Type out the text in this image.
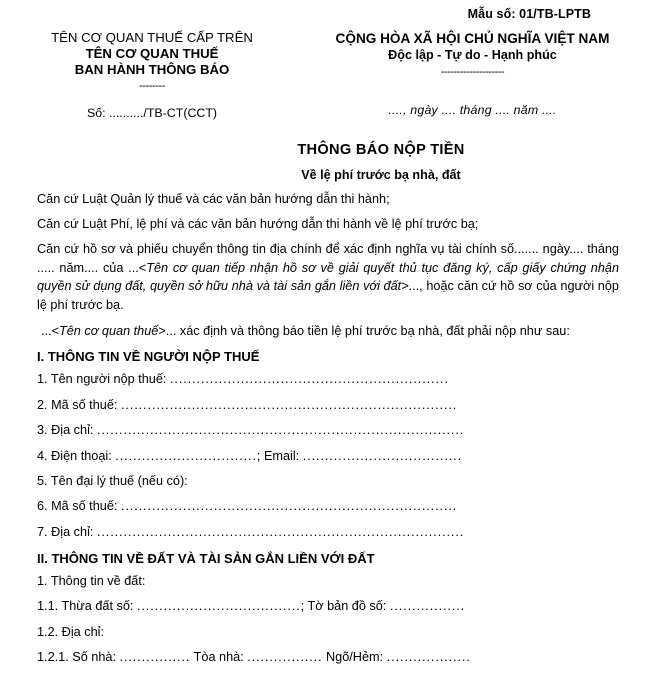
Mẫu số: 01/TB-LPTB
TÊN CƠ QUAN THUẾ CẤP TRÊN
TÊN CƠ QUAN THUẾ
BAN HÀNH THÔNG BÁO
--------
Số: ........../TB-CT(CCT)
CỘNG HÒA XÃ HỘI CHỦ NGHĨA VIỆT NAM
Độc lập - Tự do - Hạnh phúc
--------------------
...., ngày .... tháng .... năm ....
THÔNG BÁO NỘP TIỀN
Về lệ phí trước bạ nhà, đất

Căn cứ Luật Quản lý thuế và các văn bản hướng dẫn thi hành;

Căn cứ Luật Phí, lệ phí và các văn bản hướng dẫn thi hành về lệ phí trước bạ;

Căn cứ hồ sơ và phiếu chuyển thông tin địa chính để xác định nghĩa vụ tài chính số....... ngày.... tháng ..... năm.... của ...<Tên cơ quan tiếp nhận hồ sơ về giải quyết thủ tục đăng ký, cấp giấy chứng nhận quyền sử dụng đất, quyền sở hữu nhà và tài sản gắn liền với đất>..., hoặc căn cứ hồ sơ của người nộp lệ phí trước bạ.

...<Tên cơ quan thuế>... xác định và thông báo tiền lệ phí trước bạ nhà, đất phải nộp như sau:

I. THÔNG TIN VỀ NGƯỜI NỘP THUẾ
1. Tên người nộp thuế: ...............................................................
2. Mã số thuế: ............................................................................
3. Địa chỉ: ...................................................................................
4. Điện thoại: ................................; Email: ....................................
5. Tên đại lý thuế (nếu có):
6. Mã số thuế: ............................................................................
7. Địa chỉ: ...................................................................................
II. THÔNG TIN VỀ ĐẤT VÀ TÀI SẢN GẮN LIỀN VỚI ĐẤT
1. Thông tin về đất:
1.1. Thừa đất số: .....................................; Tờ bản đồ số: .................
1.2. Địa chỉ:
1.2.1. Số nhà: ................ Tòa nhà: ................. Ngõ/Hẻm: ...................
